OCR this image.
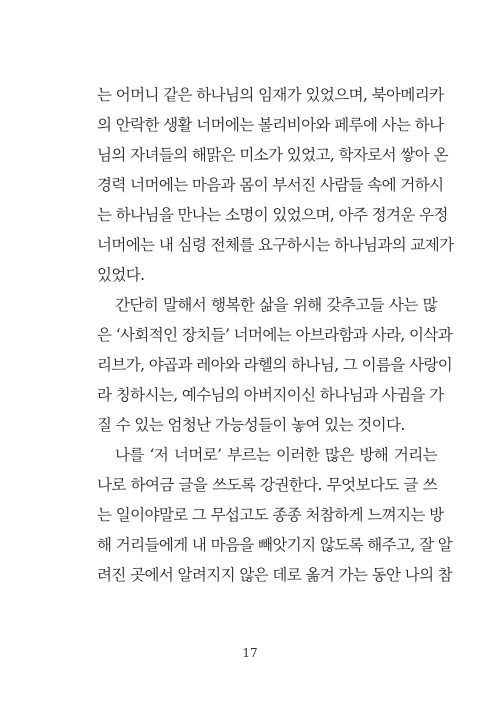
는 어머니 같은 하나님의 임재가 있었으며, 북아메리카
의 안락한 생활 너머에는 볼리비아와 페루에 사는 하나
님의 자녀들의 해맑은 미소가 있었고, 학자로서 쌓아 온
경력 너머에는 마음과 몸이 부서진 사람들 속에 거하시
는 하나님을 만나는 소명이 있었으며, 아주 정겨운 우정
너머에는 내 심령 전체를 요구하시는 하나님과의 교제가
있었다.
간단히 말해서 행복한 삶을 위해 갖추고들 사는 많
은 ‘사회적인 장치들’ 너머에는 아브라함과 사라, 이삭과
리브가, 야곱과 레아와 라헬의 하나님, 그 이름을 사랑이
라 칭하시는, 예수님의 아버지이신 하나님과 사귐을 가
질 수 있는 엄청난 가능성들이 놓여 있는 것이다.
나를 ‘저 너머로’ 부르는 이러한 많은 방해 거리는
나로 하여금 글을 쓰도록 강권한다. 무엇보다도 글 쓰
는 일이야말로 그 무섭고도 종종 처참하게 느껴지는 방
해 거리들에게 내 마음을 빼앗기지 않도록 해주고, 잘 알
려진 곳에서 알려지지 않은 데로 옮겨 가는 동안 나의 참
17
